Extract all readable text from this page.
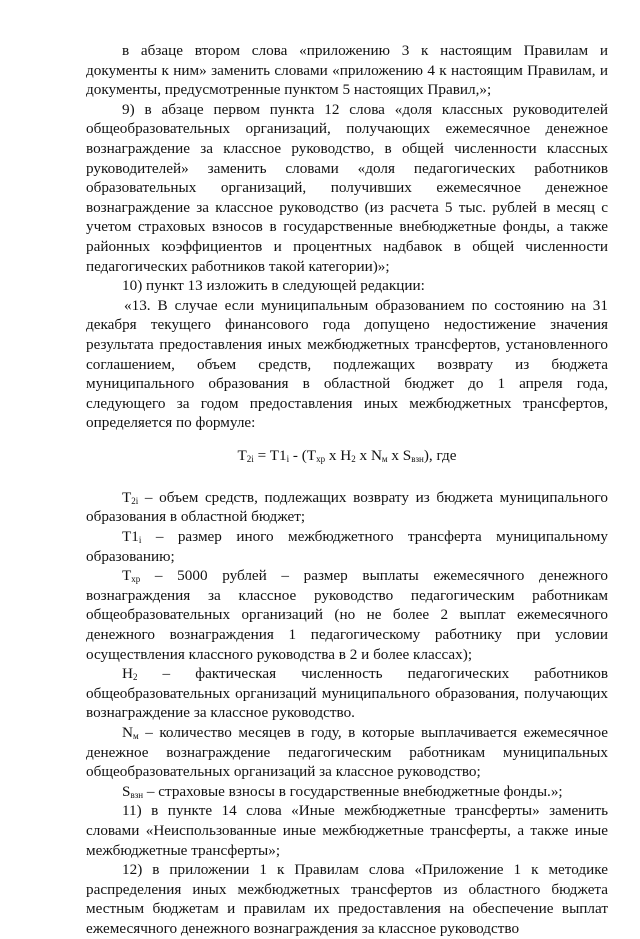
в абзаце втором слова «приложению 3 к настоящим Правилам и документы к ним» заменить словами «приложению 4 к настоящим Правилам, и документы, предусмотренные пунктом 5 настоящих Правил,»;

9) в абзаце первом пункта 12 слова «доля классных руководителей общеобразовательных организаций, получающих ежемесячное денежное вознаграждение за классное руководство, в общей численности классных руководителей» заменить словами «доля педагогических работников образовательных организаций, получивших ежемесячное денежное вознаграждение за классное руководство (из расчета 5 тыс. рублей в месяц с учетом страховых взносов в государственные внебюджетные фонды, а также районных коэффициентов и процентных надбавок в общей численности педагогических работников такой категории)»;

10) пункт 13 изложить в следующей редакции:

«13. В случае если муниципальным образованием по состоянию на 31 декабря текущего финансового года допущено недостижение значения результата предоставления иных межбюджетных трансфертов, установленного соглашением, объем средств, подлежащих возврату из бюджета муниципального образования в областной бюджет до 1 апреля года, следующего за годом предоставления иных межбюджетных трансфертов, определяется по формуле:

$T_{2i} = T1_i - (T_{хр}$ x $H_2$ x $N_м$ x $S_{взн}$), где

$T_{2i}$ – объем средств, подлежащих возврату из бюджета муниципального образования в областной бюджет;

$T1_i$ – размер иного межбюджетного трансферта муниципальному образованию;

$T_{хр} - 5000$ рублей – размер выплаты ежемесячного денежного вознаграждения за классное руководство педагогическим работникам общеобразовательных организаций (но не более 2 выплат ежемесячного денежного вознаграждения 1 педагогическому работнику при условии осуществления классного руководства в 2 и более классах);

$H_2$ – фактическая численность педагогических работников общеобразовательных организаций муниципального образования, получающих вознаграждение за классное руководство.

$N_м$ – количество месяцев в году, в которые выплачивается ежемесячное денежное вознаграждение педагогическим работникам муниципальных общеобразовательных организаций за классное руководство;

$S_{взн}$ – страховые взносы в государственные внебюджетные фонды.»;

11) в пункте 14 слова «Иные межбюджетные трансферты» заменить словами «Неиспользованные иные межбюджетные трансферты, а также иные межбюджетные трансферты»;

12) в приложении 1 к Правилам слова «Приложение 1 к методике распределения иных межбюджетных трансфертов из областного бюджета местным бюджетам и правилам их предоставления на обеспечение выплат ежемесячного денежного вознаграждения за классное руководство
